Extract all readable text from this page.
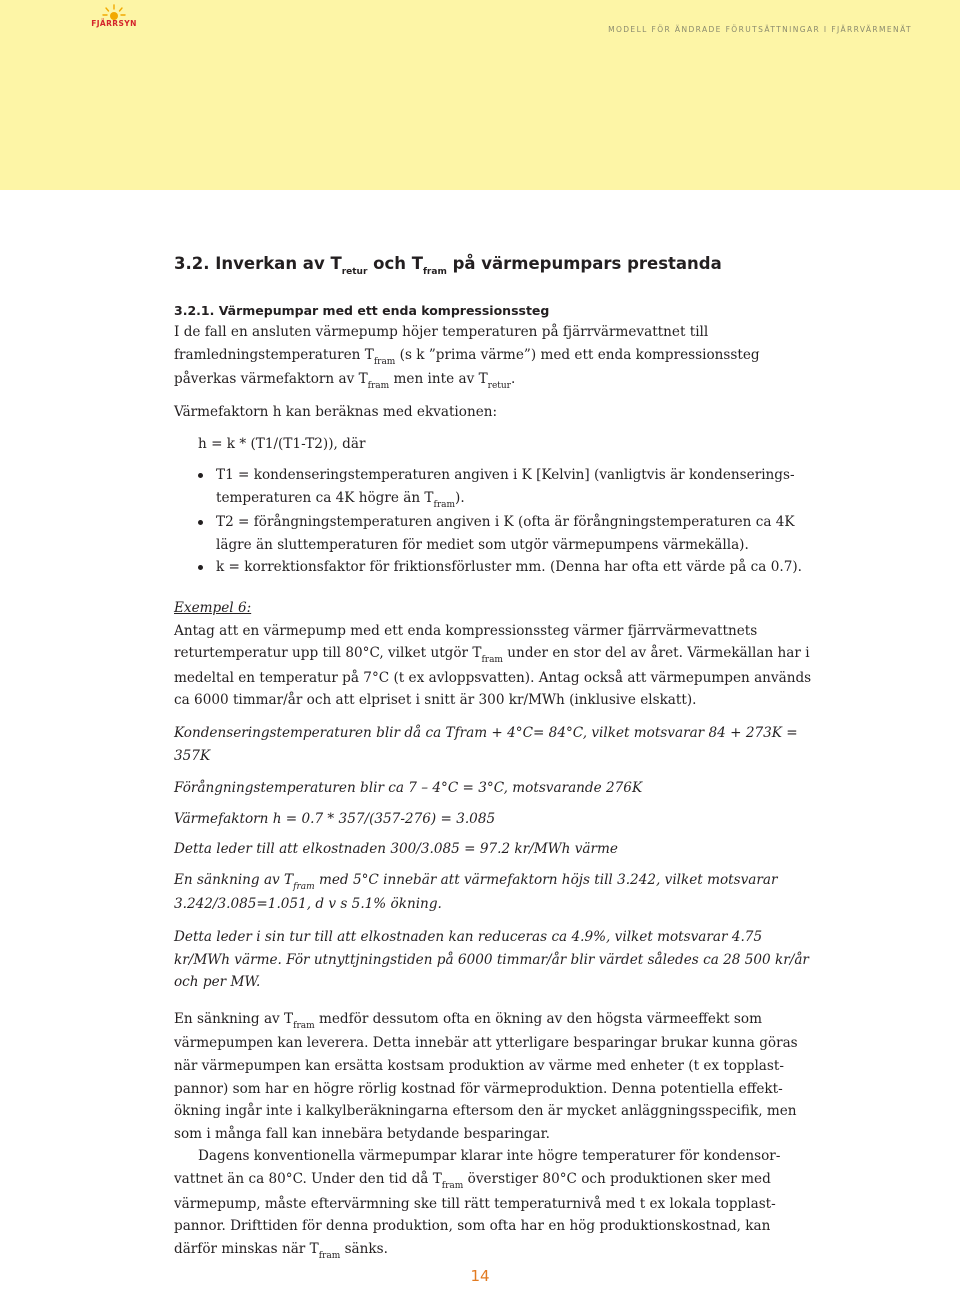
FJÄRRSYN
MODELL FÖR ÄNDRADE FÖRUTSÄTTNINGAR I FJÄRRVÄRMENÄT
3.2. Inverkan av $T_{retur}$ och $T_{fram}$ på värmepumpars prestanda
3.2.1. Värmepumpar med ett enda kompressionssteg

I de fall en ansluten värmepump höjer temperaturen på fjärrvärmevattnet till framledningstemperaturen $T_{fram}$ (s k ”prima värme”) med ett enda kompressionssteg påverkas värmefaktorn av $T_{fram}$ men inte av $T_{retur}$.

Värmefaktorn h kan beräknas med ekvationen:

h = k * (T1/(T1-T2)), där

T1 = kondenseringstemperaturen angiven i K [Kelvin] (vanligtvis är kondenseringstemperaturen ca 4K högre än $T_{fram}$).
T2 = förångningstemperaturen angiven i K (ofta är förångningstemperaturen ca 4K lägre än sluttemperaturen för mediet som utgör värmepumpens värmekälla).
k = korrektionsfaktor för friktionsförluster mm. (Denna har ofta ett värde på ca 0.7).

Exempel 6:

Antag att en värmepump med ett enda kompressionssteg värmer fjärrvärmevattnets returtemperatur upp till 80°C, vilket utgör $T_{fram}$ under en stor del av året. Värmekällan har i medeltal en temperatur på 7°C (t ex avloppsvatten). Antag också att värmepumpen används ca 6000 timmar/år och att elpriset i snitt är 300 kr/MWh (inklusive elskatt).

Kondenseringstemperaturen blir då ca Tfram + 4°C= 84°C, vilket motsvarar 84 + 273K = 357K

Förångningstemperaturen blir ca 7 – 4°C = 3°C, motsvarande 276K

Värmefaktorn h = 0.7 * 357/(357-276) = 3.085

Detta leder till att elkostnaden 300/3.085 = 97.2 kr/MWh värme

En sänkning av $T_{fram}$ med 5°C innebär att värmefaktorn höjs till 3.242, vilket motsvarar 3.242/3.085=1.051, d v s 5.1% ökning.

Detta leder i sin tur till att elkostnaden kan reduceras ca 4.9%, vilket motsvarar 4.75 kr/MWh värme. För utnyttjningstiden på 6000 timmar/år blir värdet således ca 28 500 kr/år och per MW.

En sänkning av $T_{fram}$ medför dessutom ofta en ökning av den högsta värmeeffekt som värmepumpen kan leverera. Detta innebär att ytterligare besparingar brukar kunna göras när värmepumpen kan ersätta kostsam produktion av värme med enheter (t ex topplastpannor) som har en högre rörlig kostnad för värmeproduktion. Denna potentiella effektökning ingår inte i kalkylberäkningarna eftersom den är mycket anläggningsspecifik, men som i många fall kan innebära betydande besparingar.

Dagens konventionella värmepumpar klarar inte högre temperaturer för kondensorvattnet än ca 80°C. Under den tid då $T_{fram}$ överstiger 80°C och produktionen sker med värmepump, måste eftervärmning ske till rätt temperaturnivå med t ex lokala topplastpannor. Drifttiden för denna produktion, som ofta har en hög produktionskostnad, kan därför minskas när $T_{fram}$ sänks.

14
